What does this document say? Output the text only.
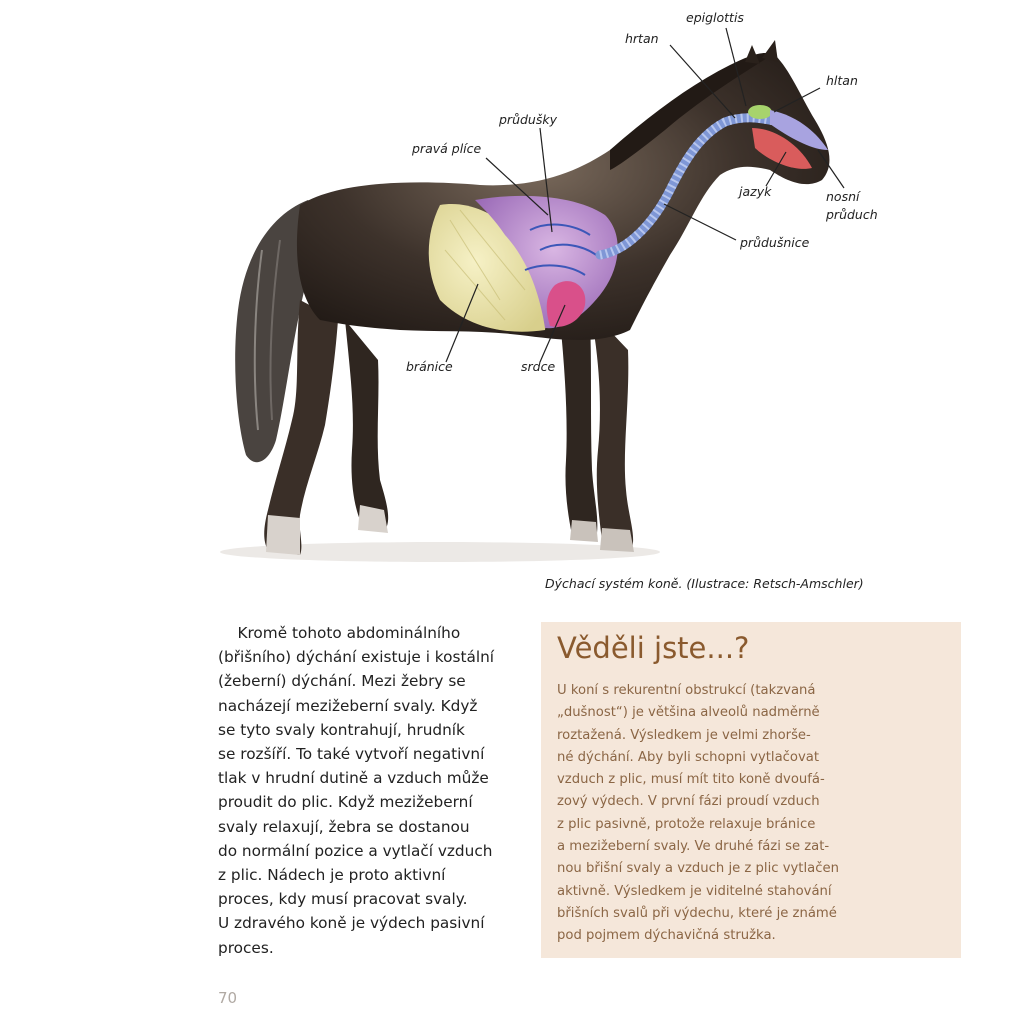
epiglottis
hrtan
hltan
průdušky
pravá plíce
jazyk	nosní
průduch
průdušnice
bránice	srdce
Dýchací systém koně. (Ilustrace: Retsch-Amschler)
Kromě tohoto abdominálního
(břišního) dýchání existuje i kostální
(žeberní) dýchání. Mezi žebry se
nacházejí mezižeberní svaly. Když
se tyto svaly kontrahují, hrudník
se rozšíří. To také vytvoří negativní
tlak v hrudní dutině a vzduch může
proudit do plic. Když mezižeberní
svaly relaxují, žebra se dostanou
do normální pozice a vytlačí vzduch
z plic. Nádech je proto aktivní
proces, kdy musí pracovat svaly.
U zdravého koně je výdech pasivní
proces.
Věděli jste...?
U koní s rekurentní obstrukcí (takzvaná
„dušnost“) je většina alveolů nadměrně
roztažená. Výsledkem je velmi zhorše-
né dýchání. Aby byli schopni vytlačovat
vzduch z plic, musí mít tito koně dvoufá-
zový výdech. V první fázi proudí vzduch
z plic pasivně, protože relaxuje bránice
a mezižeberní svaly. Ve druhé fázi se zat-
nou břišní svaly a vzduch je z plic vytlačen
aktivně. Výsledkem je viditelné stahování
břišních svalů při výdechu, které je známé
pod pojmem dýchavičná stružka.
70
